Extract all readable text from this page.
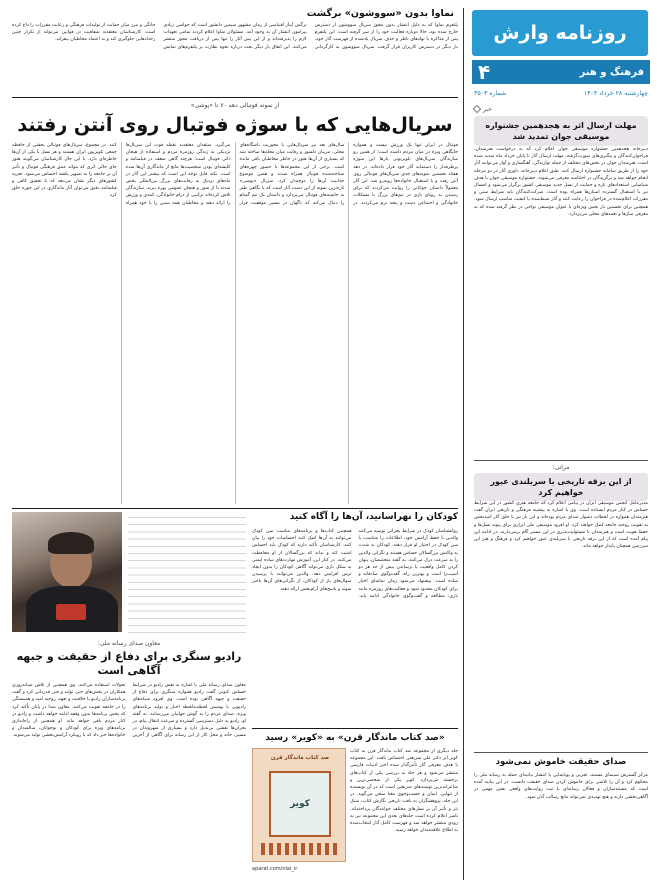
روزنامه وارش
فرهنگ و هنر
۴
چهارشنبه ۲۸ خرداد ۱۴۰۴
شماره ۳۵۰۳
نماوا بدون «سووشون» برگشت
پلتفرم نماوا که به دلیل انتشار بدون مجوز سریال سووشون از دسترس خارج شده بود، حالا دوباره فعالیت خود را از سر گرفته است. این پلتفرم پس از مذاکره با نهادهای ناظر و حذف سریال یادشده از فهرست آثار خود، بار دیگر در دسترس کاربران قرار گرفت. سریال سووشون به کارگردانی نرگس آبیار اقتباسی از رمان مشهور سیمین دانشور است که حواشی زیادی پیرامون انتشار آن به وجود آمد. مسئولان نماوا اعلام کردند تمامی تعهدات لازم را پذیرفته‌اند و از این پس آثار را تنها پس از دریافت مجوز منتشر می‌کنند. این اتفاق بار دیگر بحث درباره نحوه نظارت بر پلتفرم‌های نمایش خانگی و مرز میان حمایت از تولیدات فرهنگی و رعایت مقررات را داغ کرده است. کارشناسان معتقدند شفافیت در قوانین می‌تواند از تکرار چنین رخدادهایی جلوگیری کند و به اعتماد مخاطبان بیفزاید.
از نمونه فوتبالی دهه ۷۰ تا «پوشی»
سریال‌هایی که با سوژه فوتبال روی آنتن رفتند
فوتبال در ایران تنها یک ورزش نیست و همواره جایگاهی ویژه در میان مردم داشته است؛ از همین رو سازندگان سریال‌های تلویزیونی بارها این سوژه پرطرفدار را دستمایه آثار خود قرار داده‌اند. در دهه هفتاد نخستین نمونه‌های جدی سریال‌های فوتبالی روی آنتن رفت و با استقبال خانواده‌ها روبه‌رو شد. این آثار معمولاً داستان جوانانی را روایت می‌کردند که برای رسیدن به رویای بازی در تیم‌های بزرگ با مشکلات خانوادگی و اجتماعی دست و پنجه نرم می‌کردند. در سال‌های بعد نیز سریال‌هایی با محوریت باشگاه‌های محلی، مربیان دلسوز و رقابت میان محله‌ها ساخته شد که بسیاری از آن‌ها هنوز در خاطر مخاطبان باقی مانده است. برخی از این مجموعه‌ها با حضور چهره‌های شناخته‌شده فوتبال همراه شدند و همین موضوع جذابیت آن‌ها را دوچندان کرد. سریال «پوشی» تازه‌ترین نمونه از این دست آثار است که با نگاهی طنز به حاشیه‌های فوتبال می‌پردازد و داستان یک تیم گمنام را دنبال می‌کند که ناگهان در مسیر موفقیت قرار می‌گیرد. منتقدان معتقدند نقطه قوت این سریال‌ها نزدیکی به زندگی روزمره مردم و استفاده از هیجان ذاتی فوتبال است؛ هرچند گاهی ضعف در فیلمنامه و کلیشه‌ای بودن شخصیت‌ها مانع از ماندگاری آن‌ها شده است. نکته قابل توجه این است که بیشتر این آثار در ماه‌های نزدیک به رقابت‌های بزرگ بین‌المللی پخش شدند تا از شور و هیجان عمومی بهره ببرند. سازندگان تلاش کرده‌اند ترکیبی از درام خانوادگی، کمدی و ورزش را ارائه دهند و مخاطبان همه سنین را با خود همراه کنند. در مجموع، سریال‌های فوتبالی بخشی از حافظه جمعی تلویزیون ایران هستند و هر نسل با یکی از آن‌ها خاطره‌ای دارد. با این حال کارشناسان می‌گویند هنوز جای خالی اثری که بتواند عمق فرهنگی فوتبال و تأثیر آن بر جامعه را به تصویر بکشد احساس می‌شود. تجربه کشورهای دیگر نشان می‌دهد که با تحقیق کافی و فیلمنامه دقیق می‌توان آثار ماندگاری در این حوزه خلق کرد.
کودکان را نهراسانید، آن‌ها را آگاه کنید
روانشناسان کودک در شرایط بحرانی توصیه می‌کنند والدین با حفظ آرامش خود، اطلاعات را متناسب با سن کودک در اختیار او قرار دهند. کودکان به شدت به واکنش بزرگسالان حساس هستند و نگرانی والدین را به سرعت درک می‌کنند. به گفته متخصصان، پنهان کردن کامل واقعیت یا ترساندن بیش از حد هر دو آسیب‌زا است و بهترین راه، گفت‌وگوی صادقانه و ساده است. پیشنهاد می‌شود زمان تماشای اخبار برای کودکان محدود شود و فعالیت‌های روزمره مانند بازی، مطالعه و گفت‌وگوی خانوادگی ادامه یابد. همچنین کتاب‌ها و برنامه‌های مناسب سن کودک می‌توانند به آن‌ها کمک کنند احساسات خود را بیان کنند. کارشناسان تأکید دارند که کودک باید احساس امنیت کند و بداند که بزرگسالان از او محافظت می‌کنند. در کنار این، آموزش مهارت‌های ساده ایمنی به شکل بازی می‌تواند آگاهی کودکان را بدون ایجاد ترس افزایش دهد. والدین می‌توانند با پرسیدن سوال‌های باز از کودکان، از نگرانی‌های آن‌ها باخبر شوند و پاسخ‌های آرام‌بخش ارائه دهند.
معاون صدای رسانه ملی:
رادیو سنگری برای دفاع از حقیقت و جبهه آگاهی است
معاون صدای رسانه ملی با اشاره به نقش رادیو در شرایط حساس کنونی گفت رادیو همواره سنگری برای دفاع از حقیقت و جبهه آگاهی بوده است. وی افزود شبکه‌های رادیویی با پوشش لحظه‌به‌لحظه اخبار و تولید برنامه‌های ویژه، صدای مردم را به گوش جهانیان می‌رسانند. به گفته او، رادیو به دلیل دسترسی گسترده و سرعت انتقال پیام، در بحران‌ها نقشی بی‌بدیل دارد و بسیاری از شهروندان در مسیر، خانه و محل کار از این رسانه برای آگاهی از آخرین تحولات استفاده می‌کنند. وی همچنین از تلاش شبانه‌روزی همکاران در بخش‌های خبر، تولید و فنی قدردانی کرد و گفت برنامه‌سازان رادیو با خلاقیت و تعهد، روحیه امید و همبستگی را در جامعه تقویت می‌کنند. معاون صدا در پایان تأکید کرد که پخش برنامه‌ها بدون وقفه ادامه خواهد داشت و رادیو در کنار مردم باقی خواهد ماند. او همچنین از راه‌اندازی برنامه‌های ویژه برای کودکان و نوجوانان، سالمندان و خانواده‌ها خبر داد که با رویکرد آرامش‌بخشی تولید می‌شوند.	«صد کتاب ماندگار قرن» به «کویر» رسید
صد کتاب ماندگار قرن
کویر
جلد دیگری از مجموعه صد کتاب ماندگار قرن به کتاب کویر اثر دکتر علی شریعتی اختصاص یافت. این مجموعه با هدف معرفی آثار تأثیرگذار سده اخیر ادبیات فارسی منتشر می‌شود و هر جلد به بررسی یکی از کتاب‌های برجسته می‌پردازد. کویر یکی از شخصی‌ترین و شاعرانه‌ترین نوشته‌های شریعتی است که در آن نویسنده از تنهایی، ایمان و جست‌وجوی معنا سخن می‌گوید. در این جلد، پژوهشگران به بافت تاریخی نگارش کتاب، سبک نثر و تأثیر آن بر نسل‌های مختلف خوانندگان پرداخته‌اند. ناشر اعلام کرده است جلدهای بعدی این مجموعه نیز به زودی منتشر خواهد شد و فهرست کامل آثار انتخاب‌شده به اطلاع علاقه‌مندان خواهد رسید.
aparat.com/nlai_ir
خبر
مهلت ارسال اثر به هجدهمین جشنواره موسیقی جوان تمدید شد
دبیرخانه هجدهمین جشنواره موسیقی جوان اعلام کرد که به درخواست هنرمندان، فراخوان‌کنندگان و پیگیری‌های صورت‌گرفته، مهلت ارسال آثار تا پایان خرداد ماه تمدید شده است. هنرمندان جوان در بخش‌های مختلف از جمله نوازندگی، آهنگسازی و آواز می‌توانند آثار خود را از طریق سامانه جشنواره ارسال کنند. طبق اعلام دبیرخانه، داوری آثار در دو مرحله انجام خواهد شد و برگزیدگان در اختتامیه معرفی می‌شوند. جشنواره موسیقی جوان با هدف شناسایی استعدادهای تازه و حمایت از نسل جدید موسیقی کشور برگزار می‌شود و امسال نیز با استقبال گسترده استان‌ها همراه بوده است. شرکت‌کنندگان باید شرایط سنی و مقررات اعلام‌شده در فراخوان را رعایت کنند و آثار ضبط‌شده با کیفیت مناسب ارسال شود. همچنین برای نخستین بار بخش ویژه‌ای با عنوان موسیقی نواحی در نظر گرفته شده که به معرفی سازها و نغمه‌های محلی می‌پردازد.
مراتی:
از این برقه تاریخی با سربلندی عبور خواهیم کرد
مدیرعامل انجمن موسیقی ایران در پیامی اعلام کرد که جامعه هنری کشور در این شرایط حساس در کنار مردم ایستاده است. وی با اشاره به پیشینه فرهنگی و تاریخی ایران گفت هنرمندان همواره در لحظات دشوار صدای مردم بوده‌اند و این بار نیز با خلق آثار امیدبخش به تقویت روحیه جامعه کمک خواهند کرد. او افزود موسیقی ملی ابزاری برای پیوند نسل‌ها و حفظ هویت است و هنرمندان با مسئولیت‌پذیری در این مسیر گام برمی‌دارند. در ادامه این پیام آمده است که از این برقه تاریخی با سربلندی عبور خواهیم کرد و فرهنگ و هنر این سرزمین همچنان پایدار خواهد ماند.
صدای حقیقت خاموش نمی‌شود
مرکز گسترش سینمای مستند، تجربی و پویانمایی با انتشار بیانیه‌ای حمله به رسانه ملی را محکوم کرد و آن را تلاشی برای خاموش کردن صدای حقیقت دانست. در این بیانیه آمده است که مستندسازان و فعالان رسانه‌ای با ثبت روایت‌های واقعی نقش مهمی در آگاهی‌بخشی دارند و هیچ تهدیدی نمی‌تواند مانع رسالت آنان شود.
